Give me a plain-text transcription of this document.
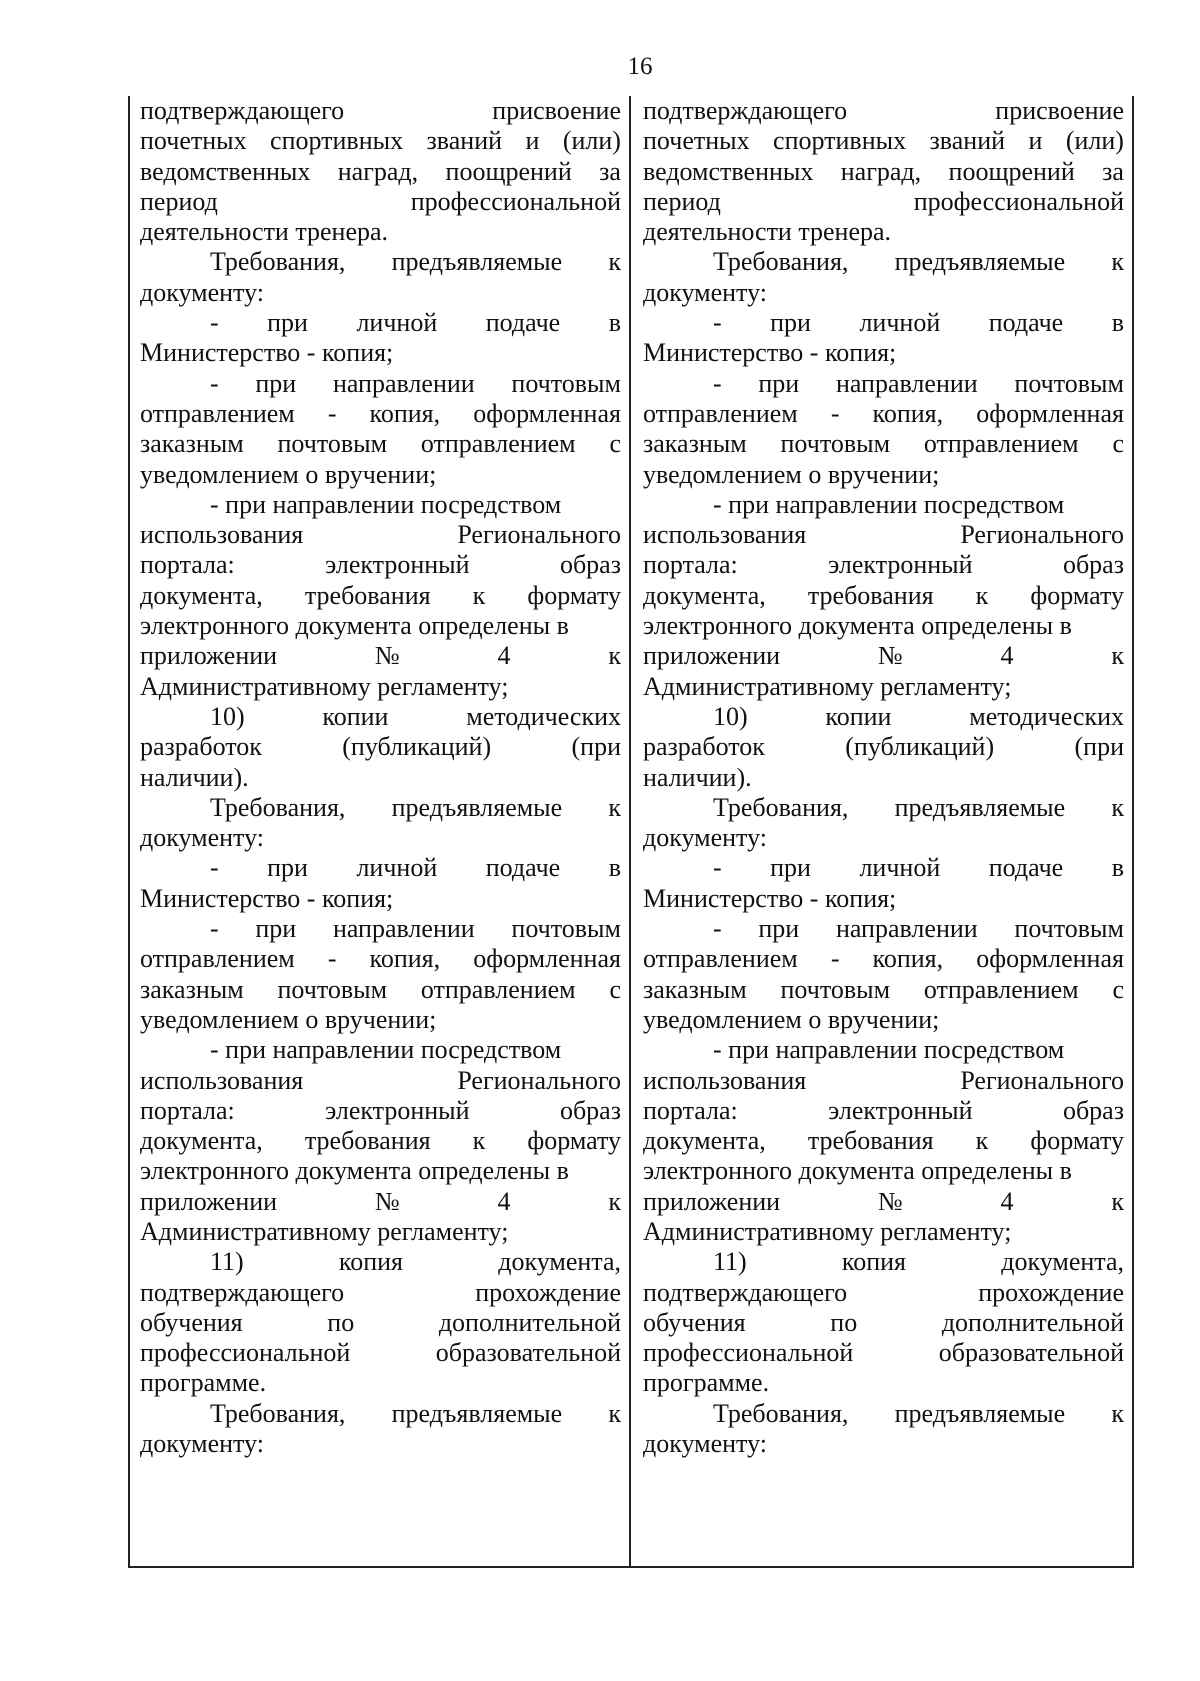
16
подтверждающего	присвоение
почетных спортивных званий и (или)
ведомственных наград, поощрений за
период	профессиональной
деятельности тренера.
Требования, предъявляемые к
документу:
- при личной подаче в
Министерство - копия;
- при направлении почтовым
отправлением - копия, оформленная
заказным почтовым отправлением с
уведомлением о вручении;
- при направлении посредством
использования	Регионального
портала:	электронный	образ
документа, требования к формату
электронного документа определены в
приложении	№	4	к
Административному регламенту;
10)	копии	методических
разработок	(публикаций)	(при
наличии).
Требования, предъявляемые к
документу:
- при личной подаче в
Министерство - копия;
- при направлении почтовым
отправлением - копия, оформленная
заказным почтовым отправлением с
уведомлением о вручении;
- при направлении посредством
использования	Регионального
портала:	электронный	образ
документа, требования к формату
электронного документа определены в
приложении	№	4	к
Административному регламенту;
11)	копия	документа,
подтверждающего	прохождение
обучения	по	дополнительной
профессиональной	образовательной
программе.
Требования, предъявляемые к
документу:
подтверждающего	присвоение
почетных спортивных званий и (или)
ведомственных наград, поощрений за
период	профессиональной
деятельности тренера.
Требования, предъявляемые к
документу:
- при личной подаче в
Министерство - копия;
- при направлении почтовым
отправлением - копия, оформленная
заказным почтовым отправлением с
уведомлением о вручении;
- при направлении посредством
использования	Регионального
портала:	электронный	образ
документа, требования к формату
электронного документа определены в
приложении	№	4	к
Административному регламенту;
10)	копии	методических
разработок	(публикаций)	(при
наличии).
Требования, предъявляемые к
документу:
- при личной подаче в
Министерство - копия;
- при направлении почтовым
отправлением - копия, оформленная
заказным почтовым отправлением с
уведомлением о вручении;
- при направлении посредством
использования	Регионального
портала:	электронный	образ
документа, требования к формату
электронного документа определены в
приложении	№	4	к
Административному регламенту;
11)	копия	документа,
подтверждающего	прохождение
обучения	по	дополнительной
профессиональной	образовательной
программе.
Требования, предъявляемые к
документу:
